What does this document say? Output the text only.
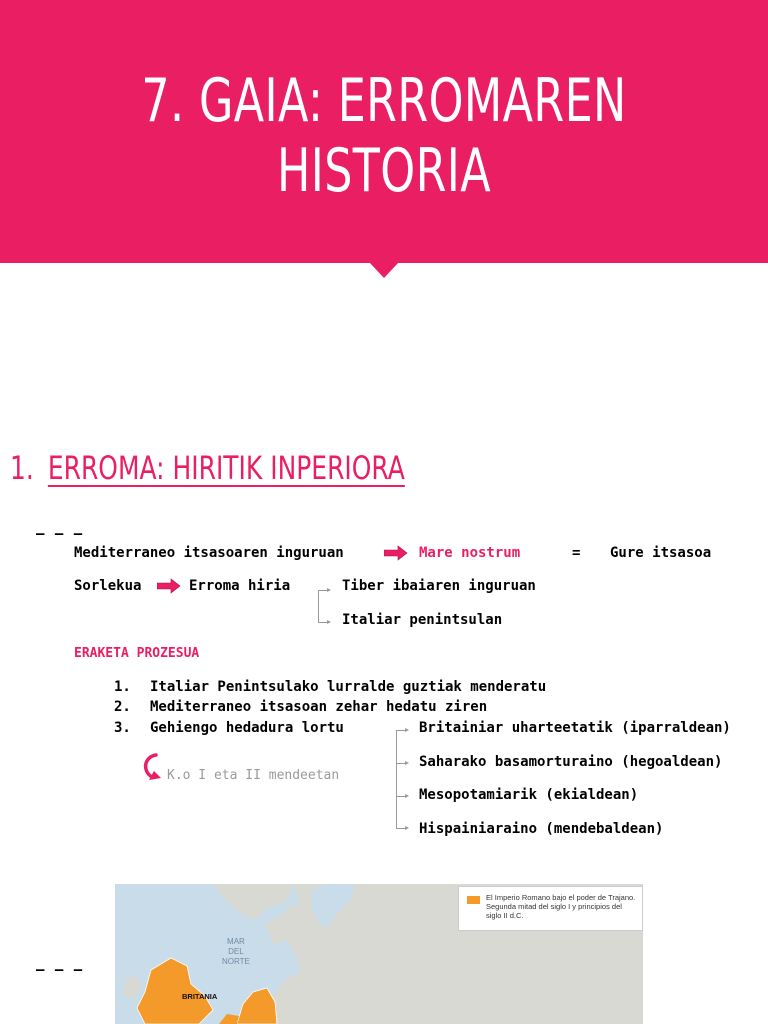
7. GAIA: ERROMAREN
HISTORIA
1. ERROMA: HIRITIK INPERIORA
— — —
Mediterraneo itsasoaren inguruan	Mare nostrum	= Gure itsasoa
Sorlekua	Erroma hiria	Tiber ibaiaren inguruan
Italiar penintsulan
ERAKETA PROZESUA
1. Italiar Penintsulako lurralde guztiak menderatu
2. Mediterraneo itsasoan zehar hedatu ziren
3. Gehiengo hedadura lortu	Britainiar uharteetatik (iparraldean)
Saharako basamorturaino (hegoaldean)
Mesopotamiarik (ekialdean)
Hispainiaraino (mendebaldean)
K.o I eta II mendeetan
— — —
MAR
DEL
NORTE
BRITANIA
El Imperio Romano bajo el poder de Trajano. Segunda mitad del siglo I y principios del siglo II d.C.
